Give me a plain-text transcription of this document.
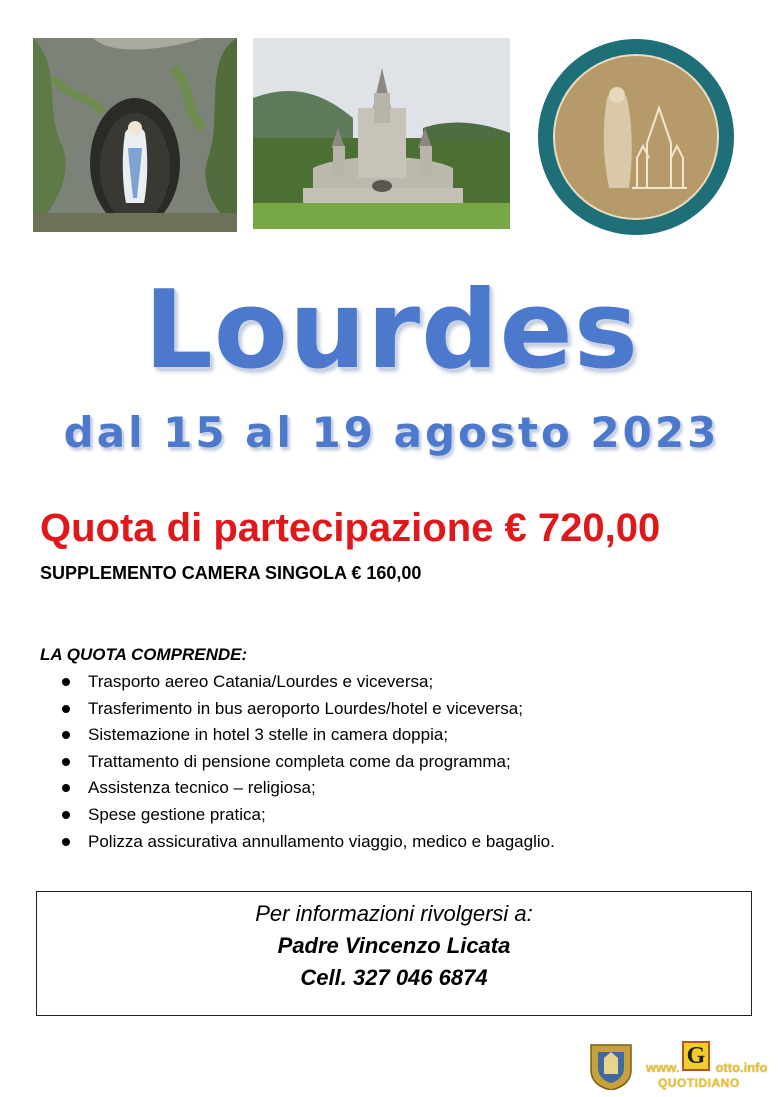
Lourdes
dal 15 al 19 agosto 2023
Quota di partecipazione € 720,00
SUPPLEMENTO CAMERA SINGOLA € 160,00
LA QUOTA COMPRENDE:
Trasporto aereo Catania/Lourdes e viceversa;
Trasferimento in bus aeroporto Lourdes/hotel e viceversa;
Sistemazione in hotel 3 stelle in camera doppia;
Trattamento di pensione completa come da programma;
Assistenza tecnico – religiosa;
Spese gestione pratica;
Polizza assicurativa annullamento viaggio, medico e bagaglio.
Per informazioni rivolgersi a:
Padre Vincenzo Licata
Cell. 327 046 6874
www.	otto.info
G
QUOTIDIANO
